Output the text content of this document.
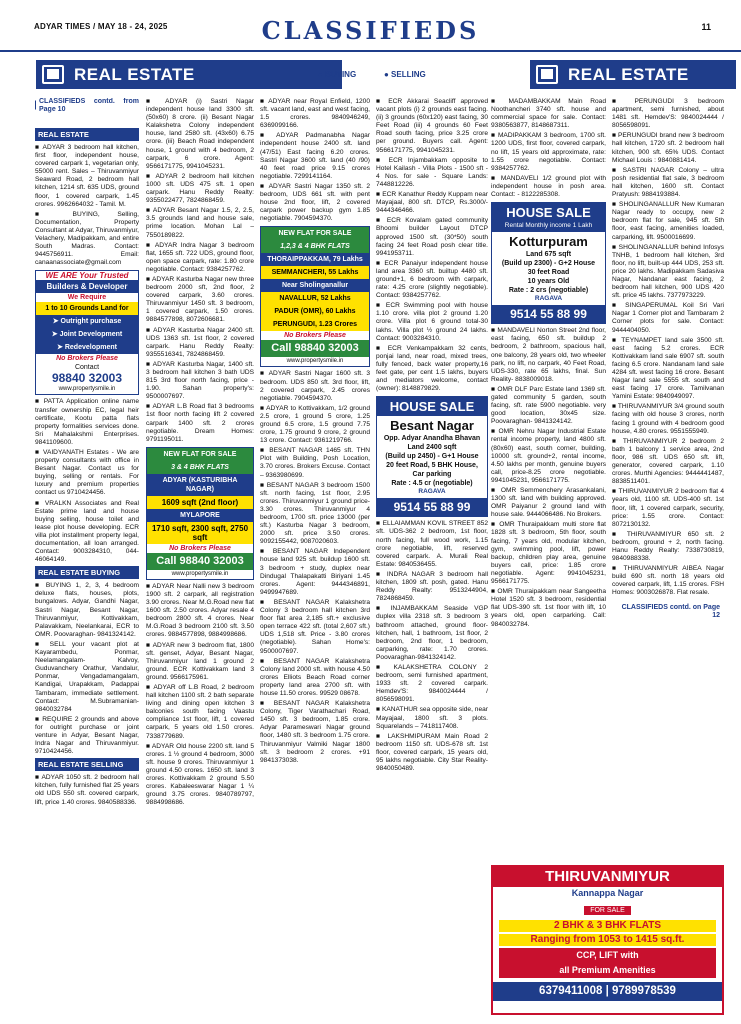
ADYAR TIMES / MAY 18 - 24, 2025	CLASSIFIEDS	11
REAL ESTATE	● BUYING	● SELLING	REAL ESTATE
CLASSIFIEDS contd. from Page 10
REAL ESTATE
■ ADYAR 3 bedroom hall kitchen, first floor, independent house, covered carpark 1, vegetarian only, 55000 rent. Sales – Thiruvanmiyur Seaward Road, 2 bedroom hall kitchen, 1214 sft. 635 UDS, ground floor, 1 covered carpark, 1.45 crores. 9962664032 - Tamil. M.
■ BUYING, Selling, Documentation, Property Consultant at Adyar, Thiruvanmiyur, Velachery, Madipakkam, and entire South Madras. Contact: 9445756911. Email: canaanassociate@gmail.com
WE ARE Your Trusted
Builders & Developer
We Require
1 to 10 Grounds Land for
➤ Outright purchase
➤ Joint Development
➤ Redevelopment
No Brokers Please
Contact
98840 32003
www.propertysmile.in
■ PATTA Application online name transfer ownership EC, legal heir certificate, Kootu patta flats property formalities services done. Sri Mahalakshmi Enterprises. 9841109600.
■ VAIDYANATH Estates - We are property consultants with office in Besant Nagar. Contact us for buying, selling or rentals. For luxury and premium properties contact us 9710424456.
■ VRALKN Associates and Real Estate prime land and house buying selling, house toilet and lease plot house developing. ECR villa plot installment property legal, documentation, all loan arranged. Contact: 9003284310, 044-46064149.
REAL ESTATE BUYING
■ BUYING 1, 2, 3, 4 bedroom deluxe flats, houses, plots, bungalows. Adyar, Gandhi Nagar, Sastri Nagar, Besant Nagar, Thiruvanmiyur, Kottivakkam, Palavakkam, Neelankarai, ECR to OMR. Poovaraghan- 9841324142.
■ SELL your vacant plot at Kayarambedu, Ponmar, Neelamangalam- Kalvoy, Guduvanchery Orathur, Vandalur, Ponmar, Vengadamangalam, Kandigai, Urapakkam, Padappai Tambaram, immediate settlement. Contact: M.Subramanian- 9840032784
■ REQUIRE 2 grounds and above for outright purchase or joint venture in Adyar, Besant Nagar, Indra Nagar and Thiruvanmiyur. 9710424456.
REAL ESTATE SELLING
■ ADYAR 1050 sft. 2 bedroom hall kitchen, fully furnished flat 25 years old UDS 550 sft. covered carpark, lift, price 1.40 crores. 9840588336.
■ ADYAR (i) Sastri Nagar independent house land 3300 sft. (50x60) 8 crore. (ii) Besant Nagar Kalakshetra Colony independent house, land 2580 sft. (43x60) 6.75 crore. (iii) Beach Road independent house, 1 ground with 4 bedroom, 2 carpark, 6 crore. Agent: 9566171775, 9941045231.
■ ADYAR 2 bedroom hall kitchen 1000 sft. UDS 475 sft. 1 open carpark. Hanu Reddy Realty: 9355022477, 7824868459.
■ ADYAR Besant Nagar 1.5, 2, 2.5, 3.5 grounds land and house sale, prime location. Mohan Lal – 7550189822.
■ ADYAR Indra Nagar 3 bedroom flat, 1655 sft. 722 UDS, ground floor, open space carpark, rate: 1.80 crore negotiable. Contact: 9384257762.
■ ADYAR Kasturba Nagar new three bedroom 2000 sft, 2nd floor, 2 covered carpark, 3.60 crores. Thiruvanmiyur 1450 sft. 3 bedroom, 1 covered carpark, 1.50 crores. 9884577898, 8072606681.
■ ADYAR Kasturba Nagar 2400 sft. UDS 1363 sft. 1st floor, 2 covered carpark. Hanu Reddy Realty: 9355516341, 7824868459.
■ ADYAR Kasturba Nagar, 1400 sft. 3 bedroom hall kitchen 3 bath UDS 815 3rd floor north facing, price - 1.90. Sahan property's: 9500007697.
■ ADYAR L.B Road flat 3 bedrooms 1st floor north facing lift 2 covered carpark 1400 sft. 2 crores negotiable. Dream Homes: 9791195011.
NEW FLAT FOR SALE
3 & 4 BHK FLATS
ADYAR (KASTURIBHA NAGAR)
1609 sqft (2nd floor)
MYLAPORE
1710 sqft, 2300 sqft, 2750 sqft
No Brokers Please
Call 98840 32003
www.propertysmile.in
■ ADYAR Near Nalli new 3 bedroom 1900 sft. 2 carpark, all registration 3.90 crores. Near M.G.Road new flat 1600 sft. 2.50 crores. Adyar resale 4 bedroom 2800 sft. 4 crores. Near M.G.Road 3 bedroom 2100 sft. 3.50 crores. 9884577898, 9884998686.
■ ADYAR new 3 bedroom flat, 1800 sft. genset, Adyar, Besant Nagar, Thiruvanmiyur land 1 ground 2 ground. ECR Kottivakkam land 3 ground. 9566175961.
■ ADYAR off L.B Road, 2 bedroom hall kitchen 1100 sft. 2 bath separate living and dining open kitchen 3 balconies south facing Vaastu compliance 1st floor, lift, 1 covered carpark, 5 years old 1.50 crores. 7338779689.
■ ADYAR Old house 2200 sft. land 5 crores. 1 ½ ground 4 bedroom, 3000 sft. house 9 crores. Thiruvanmiyur 1 ground 4.50 crores. 1650 sft. land 3 crores. Kottivakkam 2 ground 5.50 crores. Kabaleeswarar Nagar 1 ¼ ground 3.75 crores. 9840789797, 9884998686.
■ ADYAR near Royal Enfield, 1200 sft. vacant land, east and west facing, 1.5 crores. 9840946249, 6369099166.
■ ADYAR Padmanabha Nagar independent house 2400 sft. land (47/51) East facing 6.20 crores. Sastri Nagar 3600 sft. land (40 /90) 40 feet road price 9.15 crores negotiable. 7299141164.
■ ADYAR Sastri Nagar 1350 sft. 2 bedroom, UDS 661 sft. with pent house 2nd floor, lift, 2 covered carpark power backup gym 1.85 negotiable. 7904594370.
NEW FLAT FOR SALE
1,2,3 & 4 BHK FLATS
THORAIPPAKKAM, 79 Lakhs
SEMMANCHERI, 55 Lakhs
Near Sholinganallur
NAVALLUR, 52 Lakhs
PADUR (OMR), 60 Lakhs
PERUNGUDI, 1.23 Crores
No Brokers Please
Call 98840 32003
www.propertysmile.in
■ ADYAR Sastri Nagar 1600 sft. 3 bedroom. UDS 850 sft. 3rd floor, lift, 2 covered carpark, 2.45 crores negotiable. 7904594370.
■ ADYAR to Kottivakkam, 1/2 ground 2.5 crore, 1 ground 5 crore, 1.25 ground 6.5 crore, 1.5 ground 7.75 crore, 1.75 ground 9 crore, 2 ground 13 crore. Contact: 9361219766.
■ BESANT NAGAR 1465 sft. THN Plot with Building, Posh Location, 3.70 crores. Brokers Excuse. Contact – 9363980699.
■ BESANT NAGAR 3 bedroom 1500 sft. north facing, 1st floor, 2.95 crores. Thiruvanmiyur 1 ground price-3.30 crores. Thiruvanmiyur 4 bedroom, 1700 sft. price 13000 (per sft.) Kasturba Nagar 3 bedroom, 2000 sft. price 3.50 crores. 9092155442, 9087020603.
■ BESANT NAGAR Independent house land 925 sft. buildup 1600 sft. 3 bedroom + study, duplex near Dindugal Thalapakatti Biriyani 1.45 crores. Agent: 9444346891, 9499947689.
■ BESANT NAGAR Kalakshetra Colony 3 bedroom hall kitchen 3rd floor flat area 2,185 sft.+ exclusive open terrace 422 sft. (total 2,607 sft.) UDS 1,518 sft. Price - 3.80 crores (negotiable). Sahan Home's: 9500007697.
■ BESANT NAGAR Kalakshetra Colony land 2000 sft. with house 4.50 crores Elliots Beach Road corner property land area 2700 sft. with house 11.50 crores. 99529 08678.
■ BESANT NAGAR Kalakshetra Colony, Tiger Varathachari Road, 1450 sft. 3 bedroom, 1.85 crore. Adyar Parameswari Nagar ground floor, 1480 sft. 3 bedroom 1.75 crore. Thiruvanmiyur Valmiki Nagar 1800 sft. 3 bedroom 2 crores. +91 9841373038.
■ ECR Akkarai Seacliff approved vacant plots (i) 2 grounds east facing. (ii) 3 grounds (60x120) east facing, 30 Feet Road (iii) 4 grounds 60 Feet Road south facing, price 3.25 crore per ground. Buyers call. Agent: 9566171775, 9941045231.
■ ECR Injambakkam opposite to Hotel Kailash - Villa Plots - 1500 sft - 4 Nos. for sale - Square Lands: 7448812226.
■ ECR Kanathur Reddy Kuppam near Mayajaal, 800 sft. DTCP, Rs.3000/- 9444346466.
■ ECR Kovalam gated community Bhoomi builder Layout DTCP approved 1500 sft. (30*50) south facing 24 feet Road posh clear title. 9941953711.
■ ECR Panaiyur independent house land area 3360 sft. builtup 4480 sft. ground+1, 6 bedroom with carpark, rate: 4.25 crore (slightly negotiable). Contact: 9384257762.
■ ECR Swimming pool with house 1.10 crore. villa plot 2 ground 1.20 crore. Villa plot 6 ground total-30 lakhs. Villa plot ½ ground 24 lakhs. Contact: 9003284310.
■ ECR Venkampakkam 32 cents, ponjai land, near road, mixed trees, fully fenced, back water property,16 feet gate, per cent 1.5 lakhs, buyers and mediators welcome, contact (owner): 8148879829.
HOUSE SALE
Besant Nagar
Opp. Adyar Anandha Bhavan
Land 2400 sqft
(Build up 2450) - G+1 House
20 feet Road, 5 BHK House,
Car parking
Rate : 4.5 cr (negotiable)
RAGAVA
9514 55 88 99
■ ELLAIAMMAN KOVIL STREET 852 sft. UDS-362 2 bedroom, 1st floor, north facing, full wood work, 1.15 crore negotiable, lift, reserved covered carpark. A. Murali Real Estate: 9840536455.
■ INDRA NAGAR 3 bedroom hall kitchen, 1809 sft. posh, gated. Hanu Reddy Realty: 9513244904, 7824868459.
■ INJAMBAKKAM Seaside VGP duplex villa 2318 sft. 3 bedroom 3 bathroom attached, ground floor-kitchen, hall, 1 bathroom, 1st floor, 2 bedroom, 2nd floor, 1 bedroom, carparking, rate: 1.70 crores. Poovaraghan-9841324142.
■ KALAKSHETRA COLONY 2 bedroom, semi furnished apartment, 1933 sft. 2 covered carpark. Hemdev'S: 9840024444 / 8056598091.
■ KANATHUR sea opposite side, near Mayajaal, 1800 sft. 3 plots. Squarelands – 7418117408.
■ LAKSHMIPURAM Main Road 2 bedroom 1150 sft. UDS-678 sft. 1st floor, covered carpark, 15 years old, 95 lakhs negotiable. City Star Reality- 9840050489.
■ MADAMBAKKAM Main Road Noothancheri 3740 sft. house and commercial space for sale. Contact: 9380563877, 8148687311.
■ MADIPAKKAM 3 bedroom, 1700 sft. 1200 UDS, first floor, covered carpark, no lift, 15 years old approximate, rate: 1.55 crore negotiable. Contact: 9384257762.
■ MANDAVELI 1/2 ground plot with independent house in posh area. Contact: - 8122285308.
HOUSE SALE
Rental Monthly income 1 Lakh
Kotturpuram
Land 675 sqft
(Build up 2300) - G+2 House
30 feet Road
10 years Old
Rate : 2 crs (negotiable)
RAGAVA
9514 55 88 99
■ MANDAVELI Norton Street 2nd floor, east facing, 650 sft. buildup 2 bedroom, 2 bathroom, spacious hall, one balcony, 28 years old, two wheeler park, no lift, no carpark, 40 Feet Road, UDS-330, rate 65 lakhs, final. Sun Reality- 8838009018.
■ OMR DLF Parc Estate land 1369 sft. gated community 5 garden, south facing, sft. rate 5900 negotiable. very good location, 30x45 size. Poovaraghan- 9841324142.
■ OMR Nehru Nagar Industrial Estate rental income property, land 4800 sft. (80x60) east, south corner, building, 10000 sft. ground+2, rental income, 4.50 lakhs per month, genuine buyers call, price-8.25 crore negotiable. 9941045231, 9566171775.
■ OMR Semmenchery Arasankalani, 1300 sft. land with building approved. OMR Paiyanur 2 ground land with house sale. 9444066486. No Brokers.
■ OMR Thuraipakkam multi store flat 1828 sft. 3 bedroom, 5th floor, south facing, 7 years old, modular kitchen, gym, swimming pool, lift, power backup, children play area, genuine buyers call, price: 1.85 crore negotiable. Agent: 9941045231, 9566171775.
■ OMR Thuraipakkam near Sangeetha Hotel 1520 sft. 3 bedroom, residential flat UDS-390 sft. 1st floor with lift, 10 years old, open carparking. Call: 9840032784.
■ PERUNGUDI 3 bedroom apartment, semi furnished, about 1481 sft. Hemdev'S: 9840024444 / 8056598091.
■ PERUNGUDI brand new 3 bedroom hall kitchen, 1720 sft. 2 bedroom hall kitchen, 900 sft. 65% UDS. Contact Michael Louis : 9840881414.
■ SASTRI NAGAR Colony – ultra posh residential flat sale, 3 bedroom hall kitchen, 1600 sft. Contact Pratyush: 9884193884.
■ SHOLINGANALLUR New Kumaran Nagar ready to occupy, new 2 bedroom flat for sale, 945 sft. 5th floor, east facing, amenities loaded, carparking, lift. 9500016699.
■ SHOLINGANALLUR behind Infosys TNHB, 1 bedroom hall kitchen, 3rd floor, no lift, built-up 444 UDS, 253 sft. price 20 lakhs. Madipakkam Sadasiva Nagar, Nandanar east facing, 2 bedroom hall kitchen, 900 UDS 420 sft. price 45 lakhs. 7377973229.
■ SINGAPERUMAL Koil Sri Vari Nagar 1 Corner plot and Tambaram 2 Corner plots for sale. Contact: 9444404050.
■ TEYNAMPET land sale 3500 sft. east facing 5.2 crores. ECR Kottivakkam land sale 6907 sft. south facing 6.5 crore. Nandanam land sale 4284 sft. west facing 16 crore. Besant Nagar land sale 5555 sft. south and east facing 17 crore. Tamilvanan Yamini Estate: 9840949097.
■ THIRUVANMIYUR 3/4 ground south facing with old house 3 crores, north facing 1 ground with 4 bedroom good house, 4.80 crores. 9551555949.
■ THIRUVANMIYUR 2 bedroom 2 bath 1 balcony 1 service area, 2nd floor, 986 sft. UDS 650 sft. lift, generator, covered carpark, 1.10 crores. Murthi Agencies: 9444441487, 8838511401.
■ THIRUVANMIYUR 2 bedroom flat 4 years old, 1100 sft. UDS-400 sft. 1st floor, lift, 1 covered carpark, security, price: 1.55 crore. Contact: 8072130132.
■ THIRUVANMIYUR 650 sft. 2 bedroom, ground + 2, north facing. Hanu Reddy Realty: 7338730819, 9840988338.
■ THIRUVANMIYUR AIBEA Nagar build 690 sft. north 18 years old covered carpark, lift, 1.15 crores. FSH Homes: 9003026878. Flat resale.
CLASSIFIEDS contd. on Page 12
THIRUVANMIYUR
Kannappa Nagar
FOR SALE
2 BHK & 3 BHK FLATS
Ranging from 1053 to 1415 sq.ft.
CCP, LIFT with
all Premium Amenities
6379411008 | 9789978539
